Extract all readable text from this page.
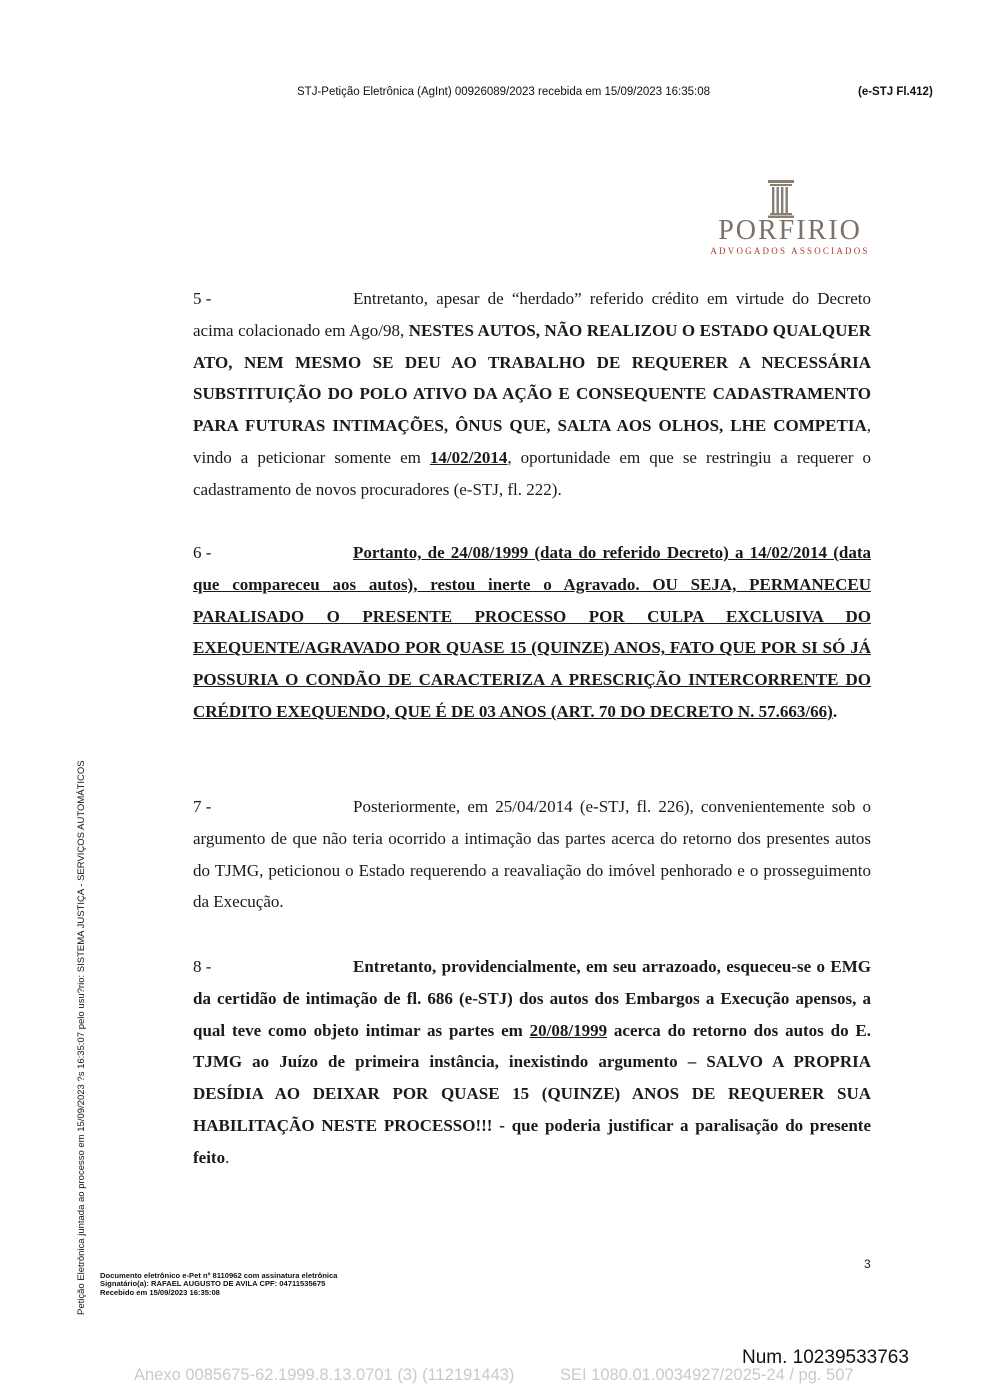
STJ-Petição Eletrônica (AgInt) 00926089/2023 recebida em 15/09/2023 16:35:08	(e-STJ Fl.412)
PORFIRIO
ADVOGADOS ASSOCIADOS

5 -	Entretanto, apesar de “herdado” referido crédito em virtude do Decreto acima colacionado em Ago/98, NESTES AUTOS, NÃO REALIZOU O ESTADO QUALQUER ATO, NEM MESMO SE DEU AO TRABALHO DE REQUERER A NECESSÁRIA SUBSTITUIÇÃO DO POLO ATIVO DA AÇÃO E CONSEQUENTE CADASTRAMENTO PARA FUTURAS INTIMAÇÕES, ÔNUS QUE, SALTA AOS OLHOS, LHE COMPETIA, vindo a peticionar somente em 14/02/2014, oportunidade em que se restringiu a requerer o cadastramento de novos procuradores (e-STJ, fl. 222).

6 -	Portanto, de 24/08/1999 (data do referido Decreto) a 14/02/2014 (data que compareceu aos autos), restou inerte o Agravado. OU SEJA, PERMANECEU PARALISADO O PRESENTE PROCESSO POR CULPA EXCLUSIVA DO EXEQUENTE/AGRAVADO POR QUASE 15 (QUINZE) ANOS, FATO QUE POR SI SÓ JÁ POSSURIA O CONDÃO DE CARACTERIZA A PRESCRIÇÃO INTERCORRENTE DO CRÉDITO EXEQUENDO, QUE É DE 03 ANOS (ART. 70 DO DECRETO N. 57.663/66).

7 -	Posteriormente, em 25/04/2014 (e-STJ, fl. 226), convenientemente sob o argumento de que não teria ocorrido a intimação das partes acerca do retorno dos presentes autos do TJMG, peticionou o Estado requerendo a reavaliação do imóvel penhorado e o prosseguimento da Execução.

8 -	Entretanto, providencialmente, em seu arrazoado, esqueceu-se o EMG da certidão de intimação de fl. 686 (e-STJ) dos autos dos Embargos a Execução apensos, a qual teve como objeto intimar as partes em 20/08/1999 acerca do retorno dos autos do E. TJMG ao Juízo de primeira instância, inexistindo argumento – SALVO A PROPRIA DESÍDIA AO DEIXAR POR QUASE 15 (QUINZE) ANOS DE REQUERER SUA HABILITAÇÃO NESTE PROCESSO!!! - que poderia justificar a paralisação do presente feito.

3
Documento eletrônico e-Pet nº 8110962 com assinatura eletrônica
Signatário(a): RAFAEL AUGUSTO DE AVILA CPF: 04711535675
Recebido em 15/09/2023 16:35:08
Petição Eletrônica juntada ao processo em 15/09/2023 ?s 16:35:07 pelo usu?rio: SISTEMA JUSTIÇA - SERVIÇOS AUTOMÁTICOS
Num. 10239533763
Anexo 0085675-62.1999.8.13.0701 (3) (112191443)	SEI 1080.01.0034927/2025-24 / pg. 507
